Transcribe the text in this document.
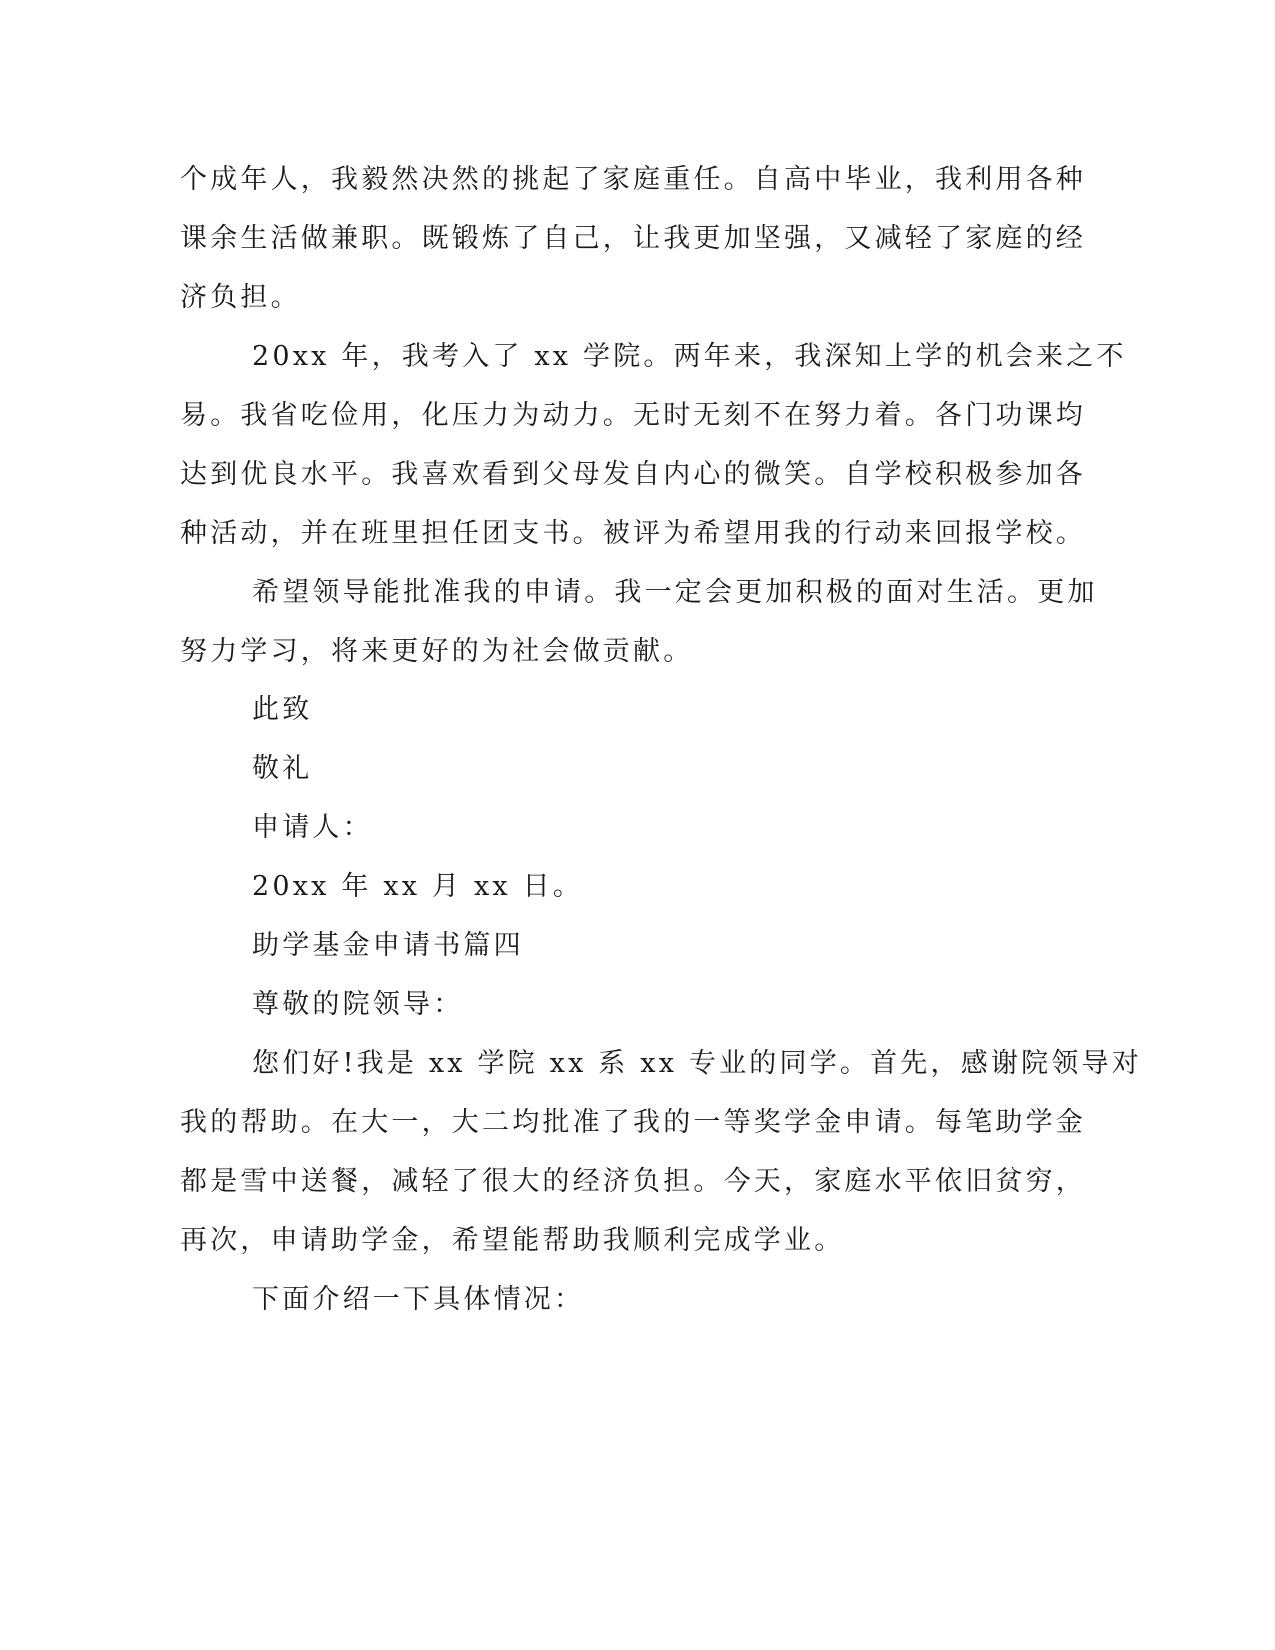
个成年人，我毅然决然的挑起了家庭重任。自高中毕业，我利用各种
课余生活做兼职。既锻炼了自己，让我更加坚强，又减轻了家庭的经
济负担。
20xx 年，我考入了 xx 学院。两年来，我深知上学的机会来之不
易。我省吃俭用，化压力为动力。无时无刻不在努力着。各门功课均
达到优良水平。我喜欢看到父母发自内心的微笑。自学校积极参加各
种活动，并在班里担任团支书。被评为希望用我的行动来回报学校。
希望领导能批准我的申请。我一定会更加积极的面对生活。更加
努力学习，将来更好的为社会做贡献。
此致
敬礼
申请人：
20xx 年 xx 月 xx 日。
助学基金申请书篇四
尊敬的院领导：
您们好!我是 xx 学院 xx 系 xx 专业的同学。首先，感谢院领导对
我的帮助。在大一，大二均批准了我的一等奖学金申请。每笔助学金
都是雪中送餐，减轻了很大的经济负担。今天，家庭水平依旧贫穷，
再次，申请助学金，希望能帮助我顺利完成学业。
下面介绍一下具体情况：
